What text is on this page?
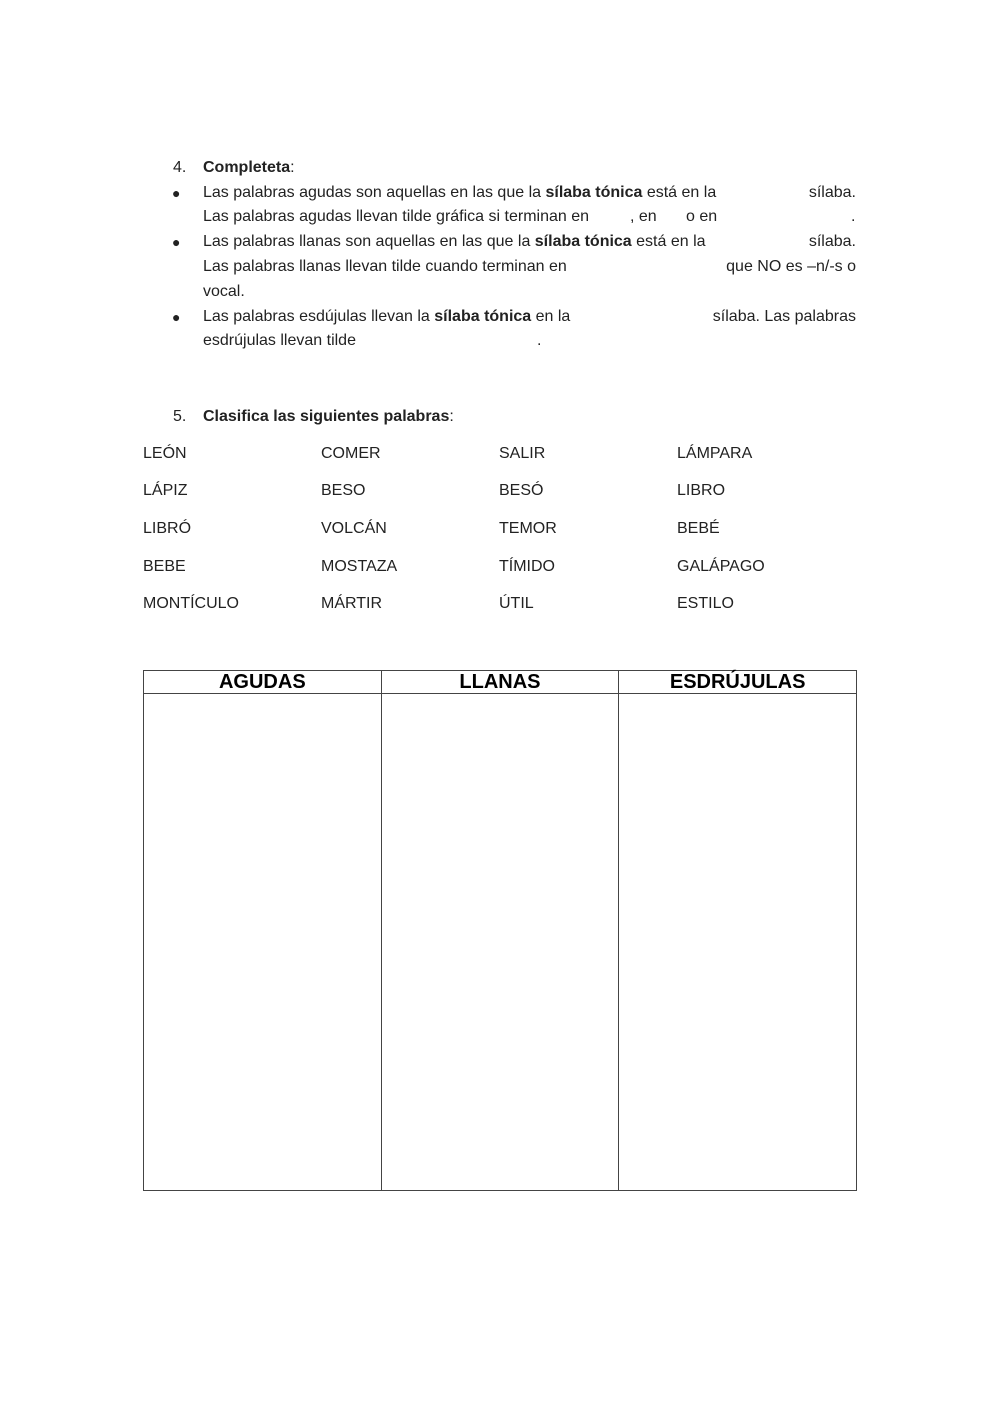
4. Completeta:
● Las palabras agudas son aquellas en las que la sílaba tónica está en la	sílaba.
Las palabras agudas llevan tilde gráfica si terminan en	, en o en	.
● Las palabras llanas son aquellas en las que la sílaba tónica está en la	sílaba.
Las palabras llanas llevan tilde cuando terminan en	que NO es –n/-s o
vocal.
● Las palabras esdújulas llevan la sílaba tónica en la	sílaba. Las palabras
esdrújulas llevan tilde	.
5. Clasifica las siguientes palabras:
LEÓN	COMER	SALIR	LÁMPARA
LÁPIZ	BESO	BESÓ	LIBRO
LIBRÓ	VOLCÁN	TEMOR	BEBÉ
BEBE	MOSTAZA	TÍMIDO	GALÁPAGO
MONTÍCULO	MÁRTIR	ÚTIL	ESTILO
AGUDAS	LLANAS	ESDRÚJULAS
